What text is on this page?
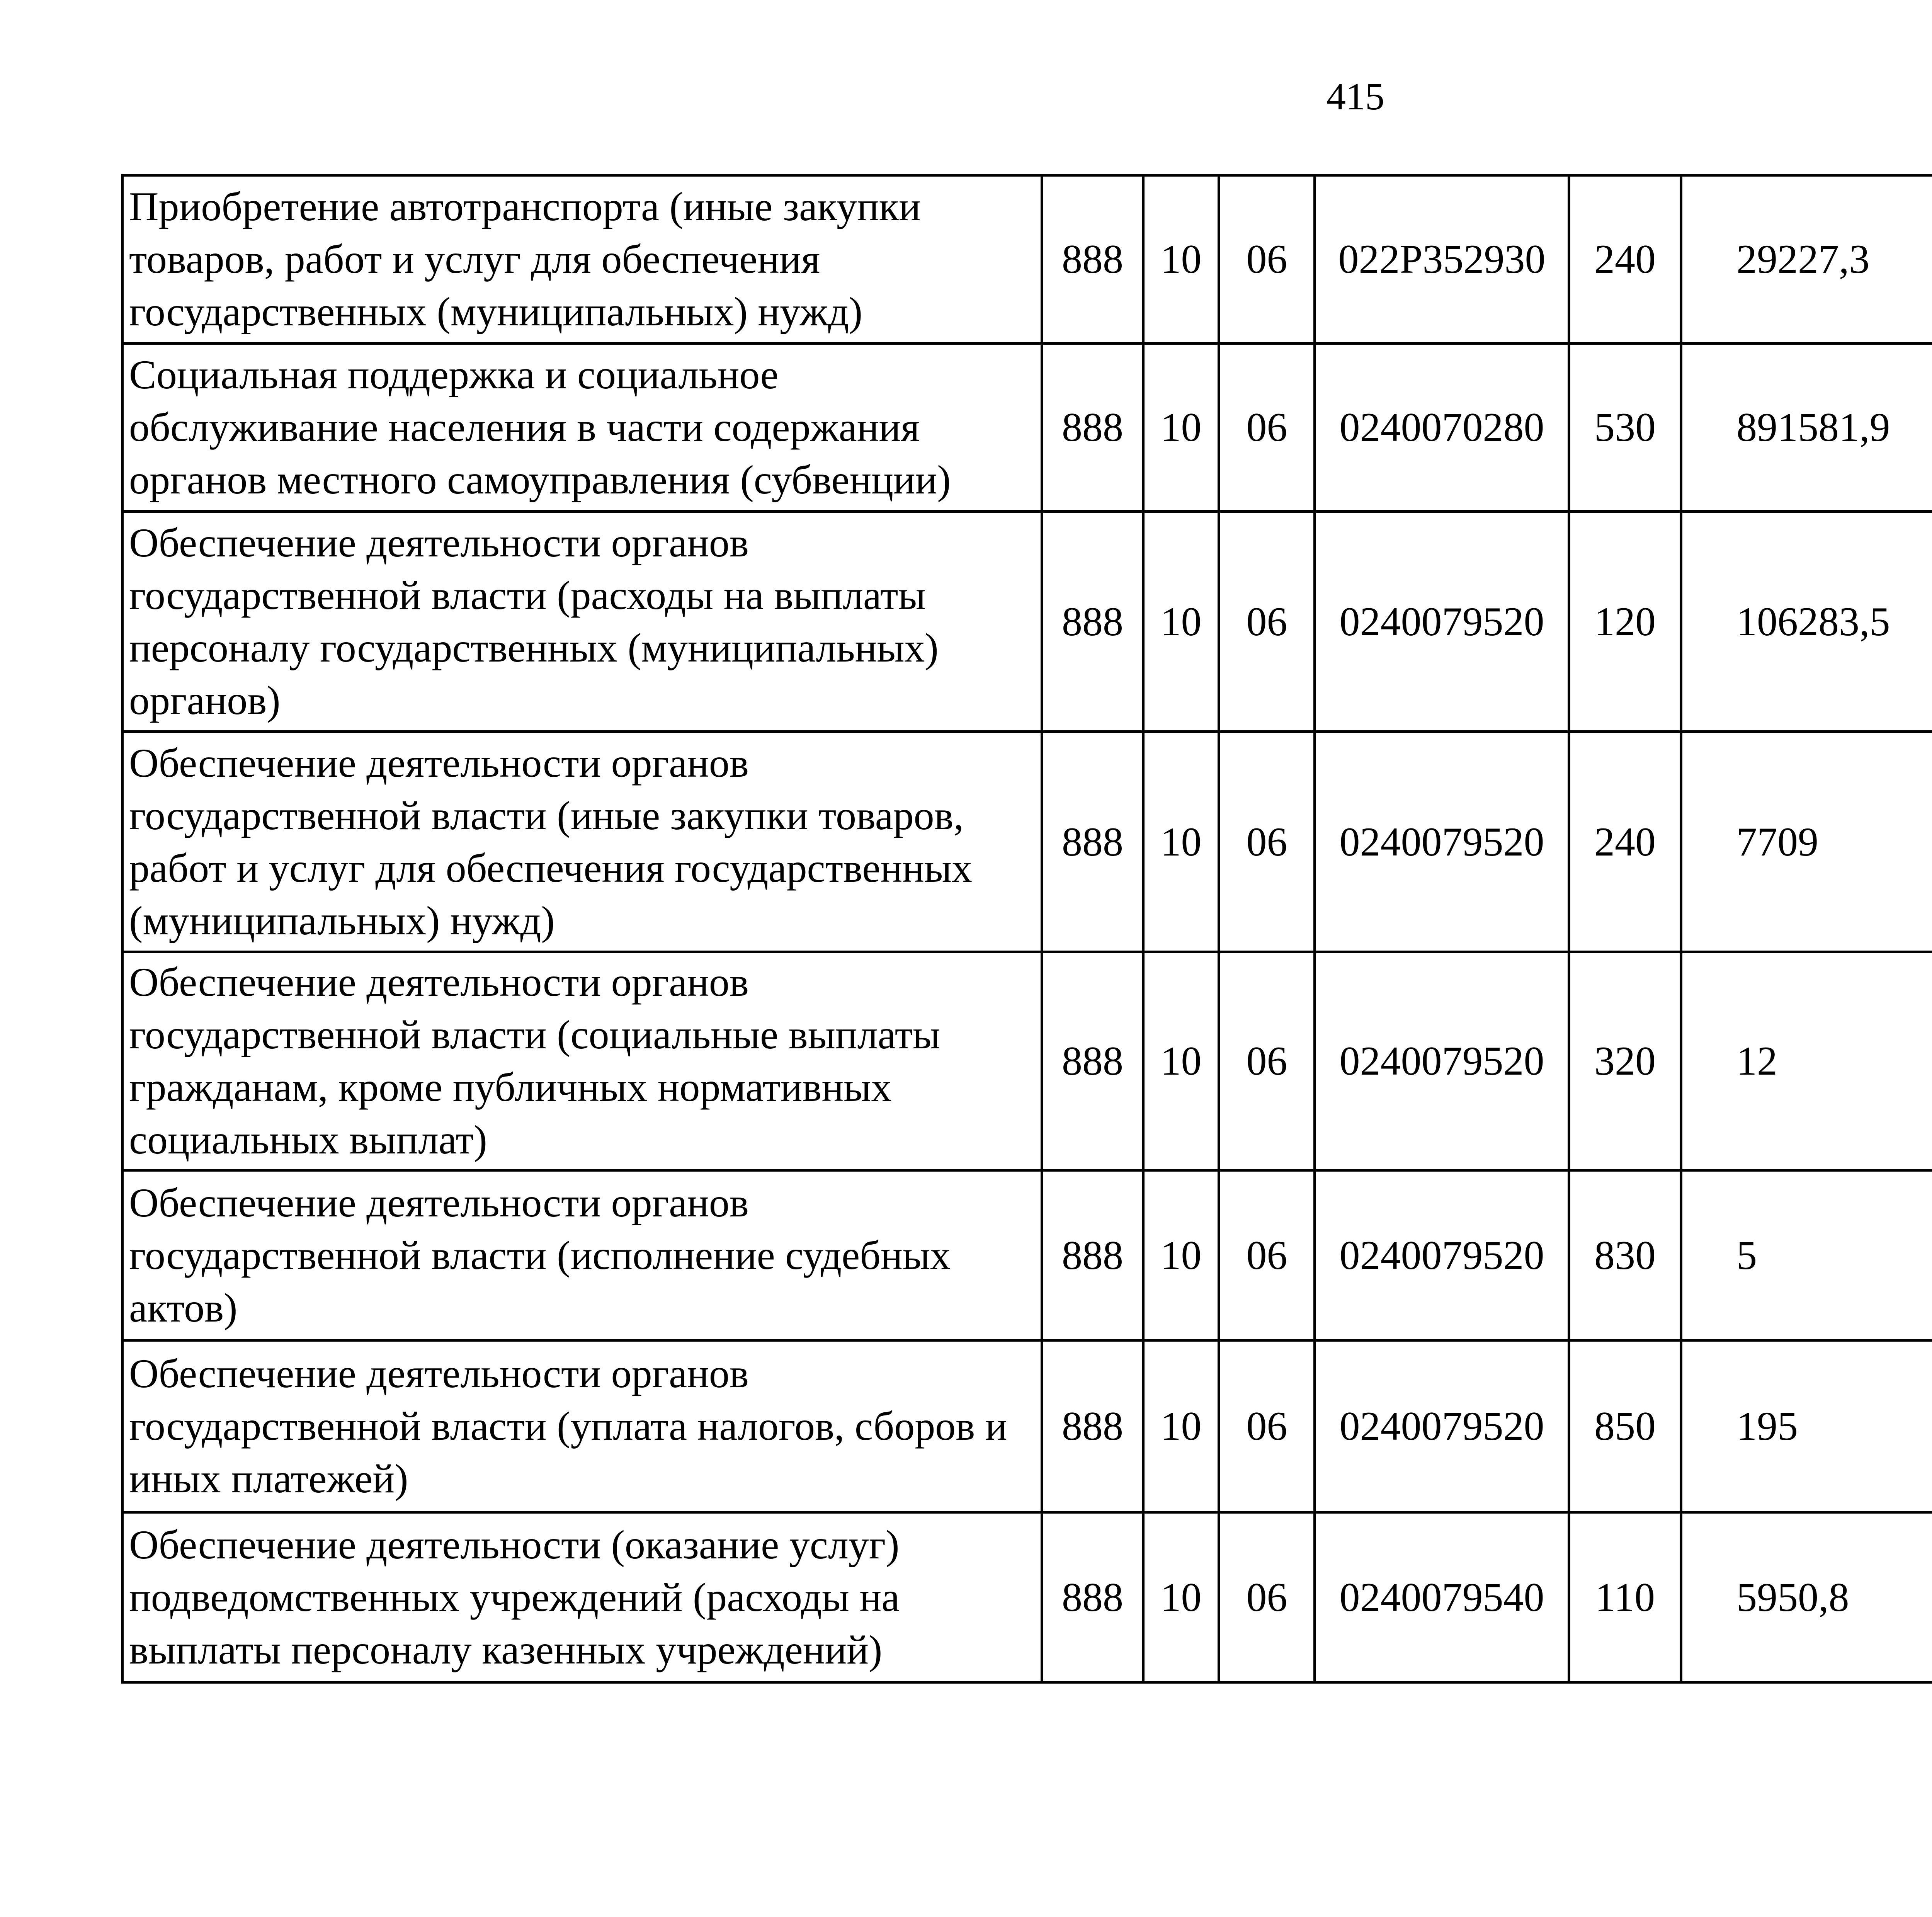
415
Приобретение автотранспорта (иные закупки товаров, работ и услуг для обеспечения государственных (муниципальных) нужд)	888	10	06	022P352930	240	29227,3		
Социальная поддержка и социальное обслуживание населения в части содержания органов местного самоуправления (субвенции)	888	10	06	0240070280	530	891581,9		
Обеспечение деятельности органов государственной власти (расходы на выплаты персоналу государственных (муниципальных) органов)	888	10	06	0240079520	120	106283,5		
Обеспечение деятельности органов государственной власти (иные закупки товаров, работ и услуг для обеспечения государственных (муниципальных) нужд)	888	10	06	0240079520	240	7709		
Обеспечение деятельности органов государственной власти (социальные выплаты гражданам, кроме публичных нормативных социальных выплат)	888	10	06	0240079520	320	12		
Обеспечение деятельности органов государственной власти (исполнение судебных актов)	888	10	06	0240079520	830	5		
Обеспечение деятельности органов государственной власти (уплата налогов, сборов и иных платежей)	888	10	06	0240079520	850	195		
Обеспечение деятельности (оказание услуг) подведомственных учреждений (расходы на выплаты персоналу казенных учреждений)	888	10	06	0240079540	110	5950,8		
